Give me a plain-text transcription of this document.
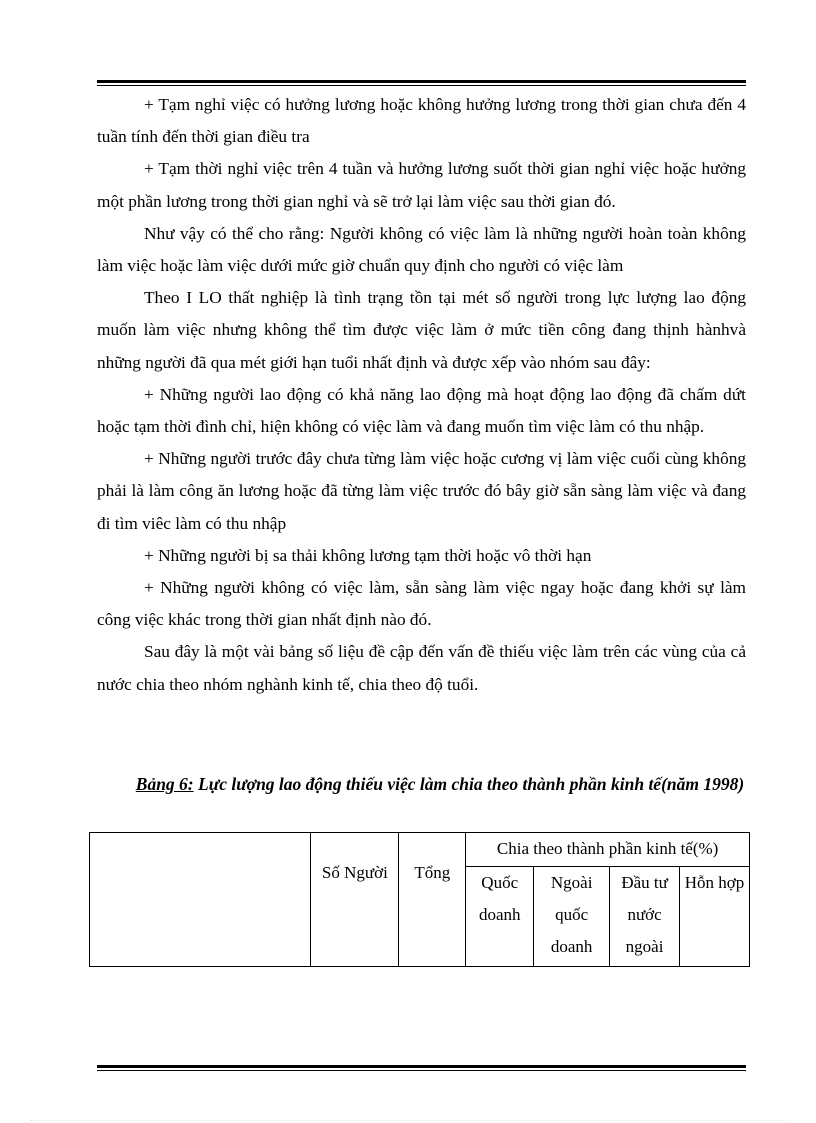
+ Tạm nghỉ việc có hưởng lương hoặc không hưởng lương trong thời gian chưa đến 4 tuần tính đến thời gian điều tra

+ Tạm thời nghỉ việc trên 4 tuần và hưởng lương suốt thời gian nghỉ việc hoặc hưởng một phần lương trong thời gian nghỉ và sẽ trở lại làm việc sau thời gian đó.

Như vậy có thể cho rằng: Người không có việc làm là những người hoàn toàn không làm việc hoặc làm việc dưới mức giờ chuẩn quy định cho người có việc làm

Theo I LO thất nghiệp là tình trạng tồn tại mét số người trong lực lượng lao động muốn làm việc nhưng không thể tìm được việc làm ở mức tiền công đang thịnh hànhvà những người đã qua mét giới hạn tuổi nhất định và được xếp vào nhóm sau đây:

+ Những người lao động có khả năng lao động mà hoạt động lao động đã chấm dứt hoặc tạm thời đình chỉ, hiện không có việc làm và đang muốn tìm việc làm có thu nhập.

+ Những người trước đây chưa từng làm việc hoặc cương vị làm việc cuối cùng không phải là làm công ăn lương hoặc đã từng làm việc trước đó bây giờ sẵn sàng làm việc và đang đi tìm viêc làm có thu nhập

+ Những người bị sa thải không lương tạm thời hoặc vô thời hạn

+ Những người không có việc làm, sẵn sàng làm việc ngay hoặc đang khởi sự làm công việc khác trong thời gian nhất định nào đó.

Sau đây là một vài bảng số liệu đề cập đến vấn đề thiếu việc làm trên các vùng của cả nước chia theo nhóm nghành kinh tế, chia theo độ tuổi.

Bảng 6: Lực lượng lao động thiếu việc làm chia theo thành phần kinh tế(năm 1998)
	Số Người	Tổng	Chia theo thành phần kinh tế(%)			
			Quốc doanh	Ngoài quốc doanh	Đầu tư nước ngoài	Hỗn hợp
